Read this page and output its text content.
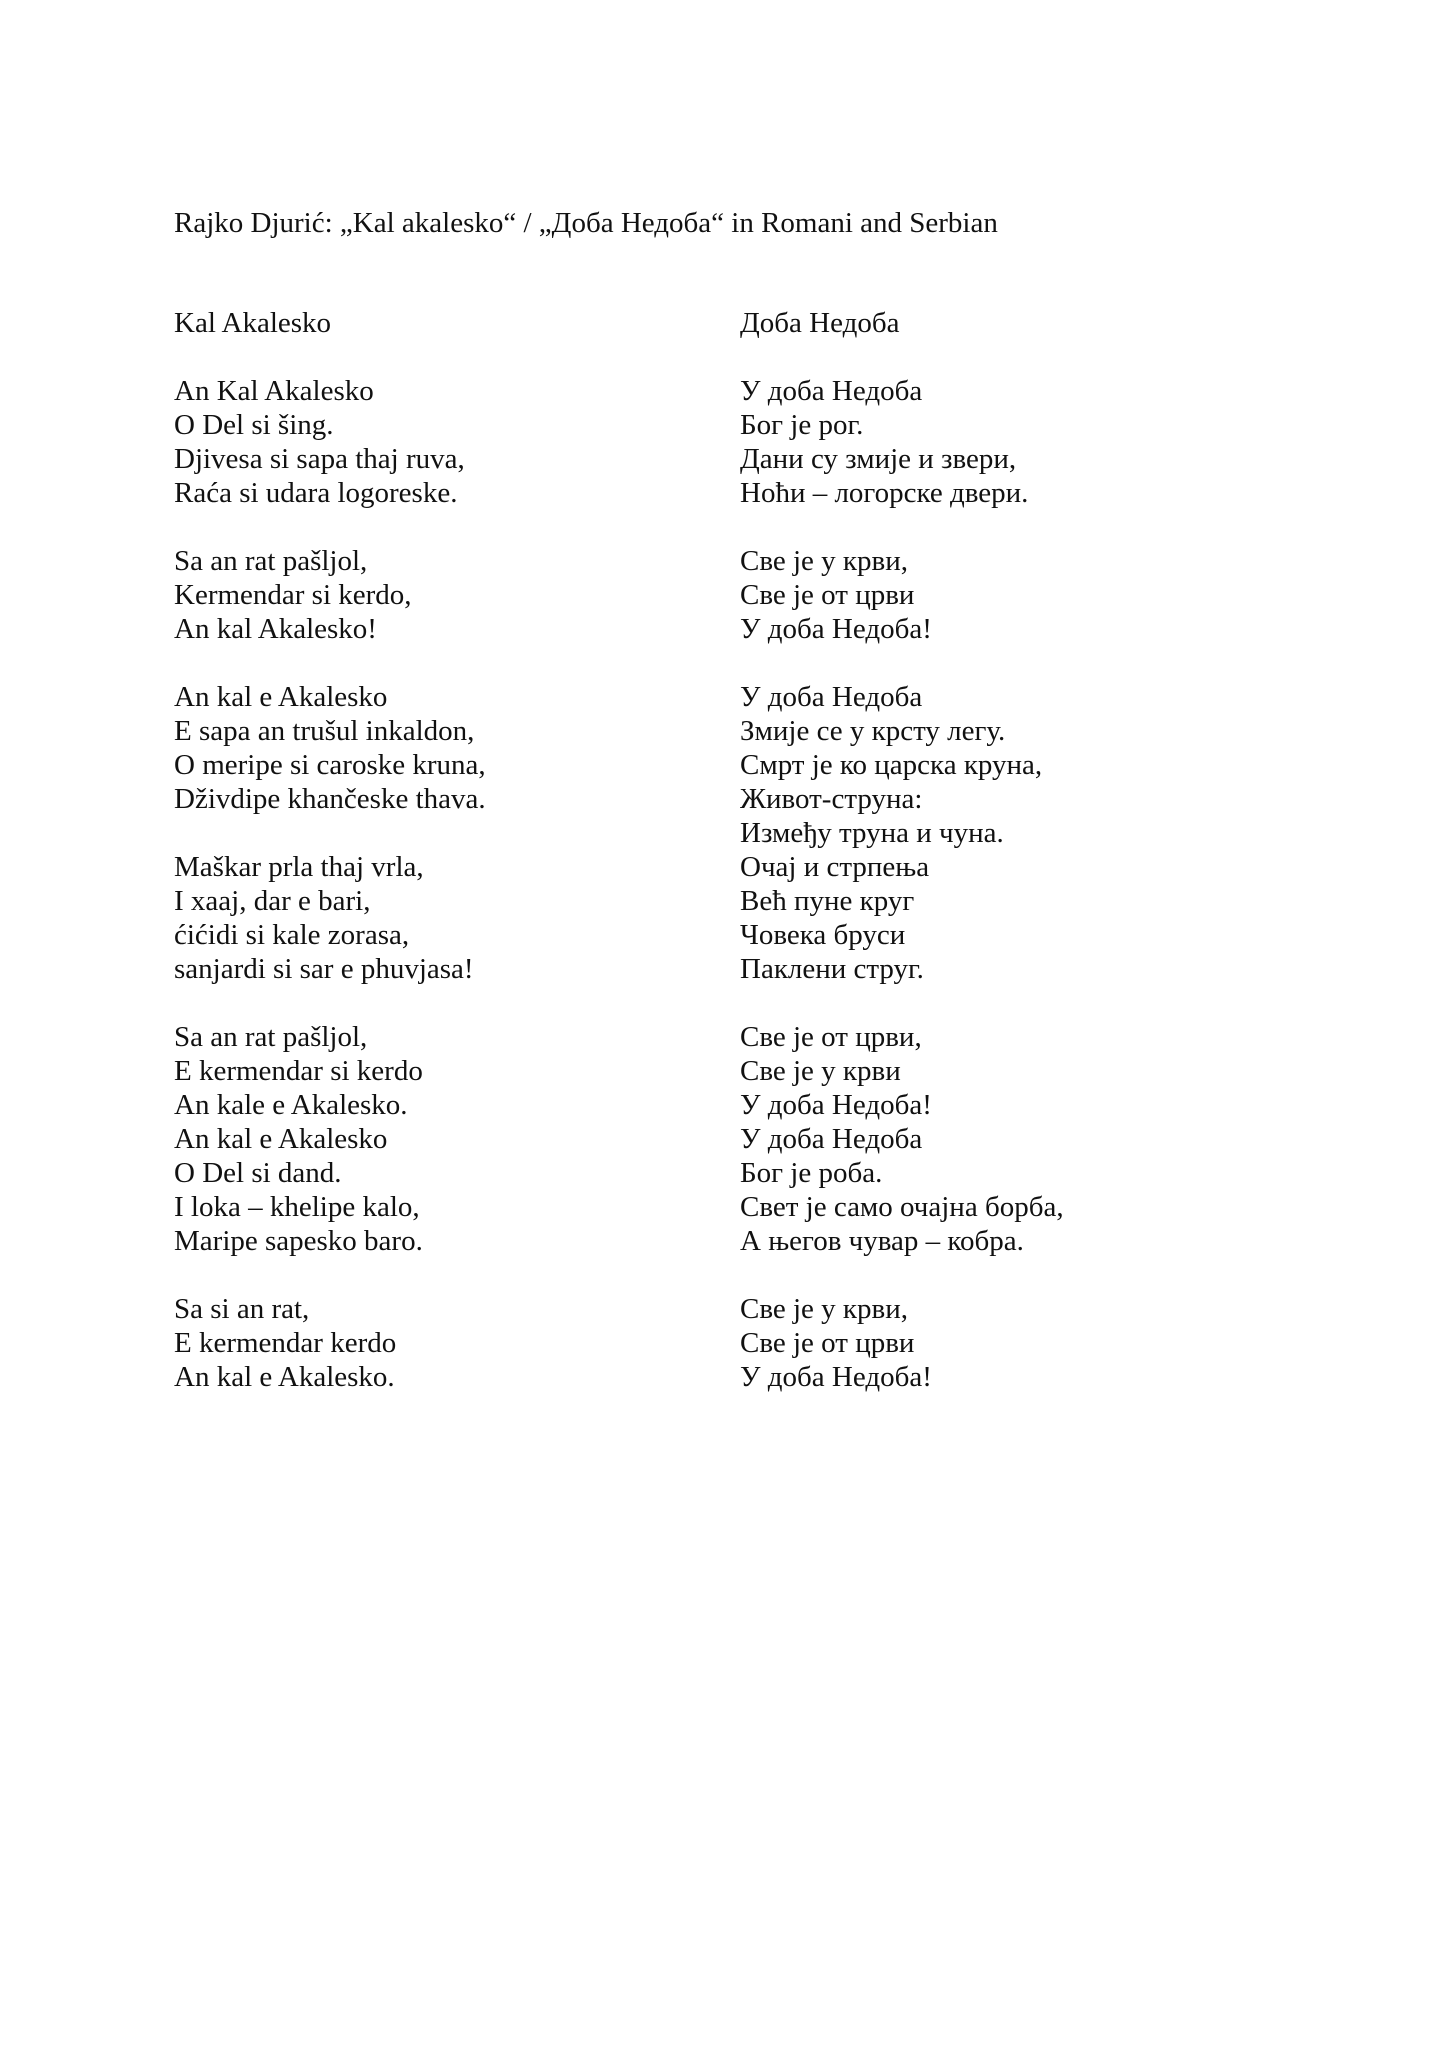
Rajko Djurić: „Kal akalesko“ / „Доба Недоба“ in Romani and Serbian
Kal Akalesko
An Kal Akalesko
O Del si šing.
Djivesa si sapa thaj ruva,
Raća si udara logoreske.
Sa an rat pašljol,
Kermendar si kerdo,
An kal Akalesko!
An kal e Akalesko
E sapa an trušul inkaldon,
O meripe si caroske kruna,
Dživdipe khančeske thava.
Maškar prla thaj vrla,
I xaaj, dar e bari,
ćićidi si kale zorasa,
sanjardi si sar e phuvjasa!
Sa an rat pašljol,
E kermendar si kerdo
An kale e Akalesko.
An kal e Akalesko
O Del si dand.
I loka – khelipe kalo,
Maripe sapesko baro.
Sa si an rat,
E kermendar kerdo
An kal e Akalesko.
Доба Недоба
У доба Недоба
Бог је рог.
Дани су змије и звери,
Ноћи – логорске двери.
Све је у крви,
Све је от црви
У доба Недоба!
У доба Недоба
Змије се у крсту легу.
Смрт је ко царска круна,
Живот-струна:
Између труна и чуна.
Очај и стрпења
Већ пуне круг
Човека бруси
Паклени струг.
Све је от црви,
Све је у крви
У доба Недоба!
У доба Недоба
Бог је роба.
Свет је само очајна борба,
А његов чувар – кобра.
Све је у крви,
Све је от црви
У доба Недоба!
